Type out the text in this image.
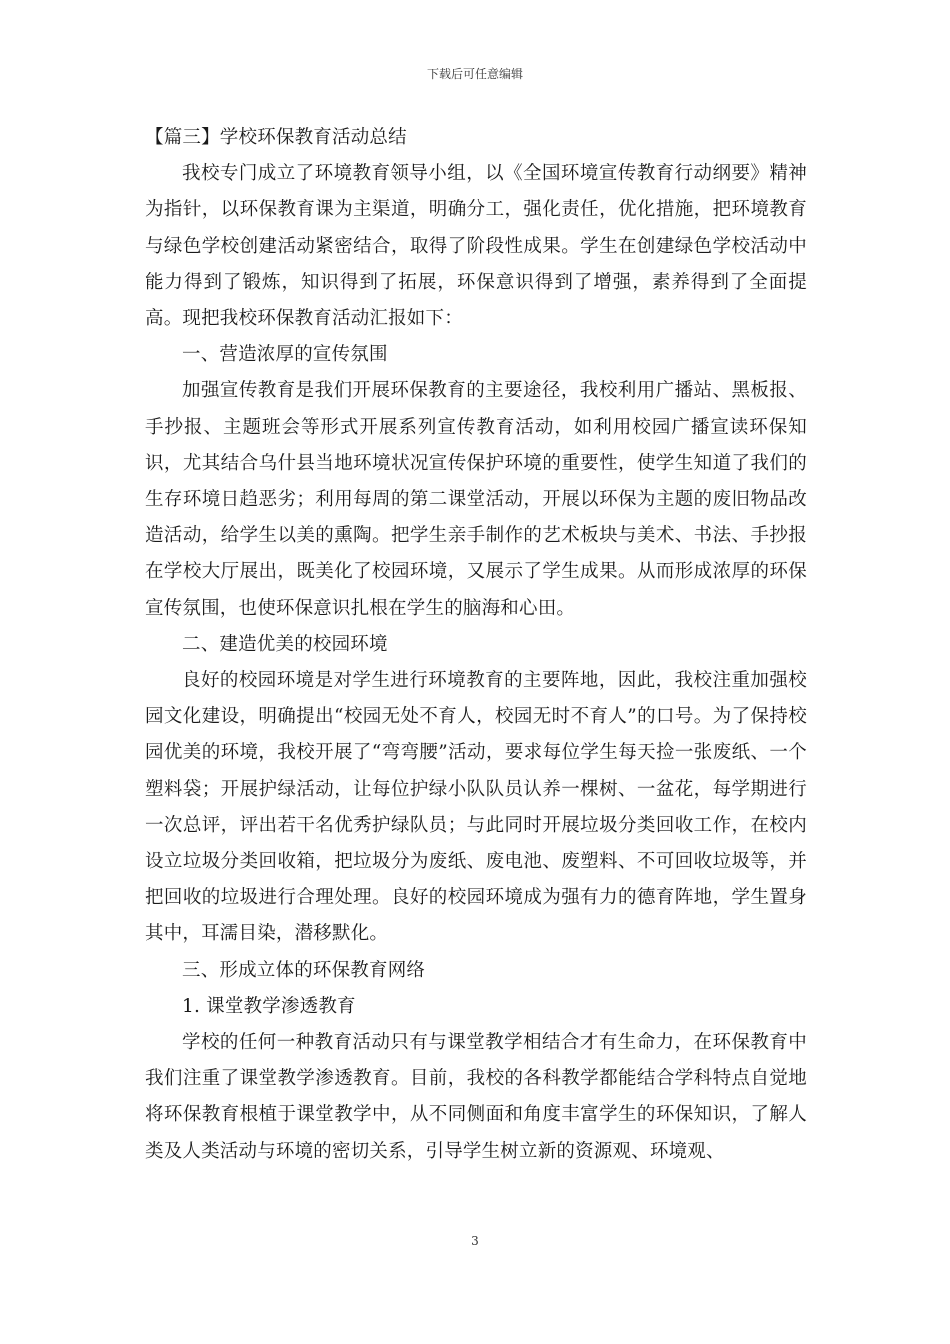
下载后可任意编辑

【篇三】学校环保教育活动总结

我校专门成立了环境教育领导小组，以《全国环境宣传教育行动纲要》精神为指针，以环保教育课为主渠道，明确分工，强化责任，优化措施，把环境教育与绿色学校创建活动紧密结合，取得了阶段性成果。学生在创建绿色学校活动中能力得到了锻炼，知识得到了拓展，环保意识得到了增强，素养得到了全面提高。现把我校环保教育活动汇报如下：

一、营造浓厚的宣传氛围

加强宣传教育是我们开展环保教育的主要途径，我校利用广播站、黑板报、手抄报、主题班会等形式开展系列宣传教育活动，如利用校园广播宣读环保知识，尤其结合乌什县当地环境状况宣传保护环境的重要性，使学生知道了我们的生存环境日趋恶劣；利用每周的第二课堂活动，开展以环保为主题的废旧物品改造活动，给学生以美的熏陶。把学生亲手制作的艺术板块与美术、书法、手抄报在学校大厅展出，既美化了校园环境，又展示了学生成果。从而形成浓厚的环保宣传氛围，也使环保意识扎根在学生的脑海和心田。

二、建造优美的校园环境

良好的校园环境是对学生进行环境教育的主要阵地，因此，我校注重加强校园文化建设，明确提出“校园无处不育人，校园无时不育人”的口号。为了保持校园优美的环境，我校开展了“弯弯腰”活动，要求每位学生每天捡一张废纸、一个塑料袋；开展护绿活动，让每位护绿小队队员认养一棵树、一盆花，每学期进行一次总评，评出若干名优秀护绿队员；与此同时开展垃圾分类回收工作，在校内设立垃圾分类回收箱，把垃圾分为废纸、废电池、废塑料、不可回收垃圾等，并把回收的垃圾进行合理处理。良好的校园环境成为强有力的德育阵地，学生置身其中，耳濡目染，潜移默化。

三、形成立体的环保教育网络

1. 课堂教学渗透教育

学校的任何一种教育活动只有与课堂教学相结合才有生命力，在环保教育中我们注重了课堂教学渗透教育。目前，我校的各科教学都能结合学科特点自觉地将环保教育根植于课堂教学中，从不同侧面和角度丰富学生的环保知识，了解人类及人类活动与环境的密切关系，引导学生树立新的资源观、环境观、

3
